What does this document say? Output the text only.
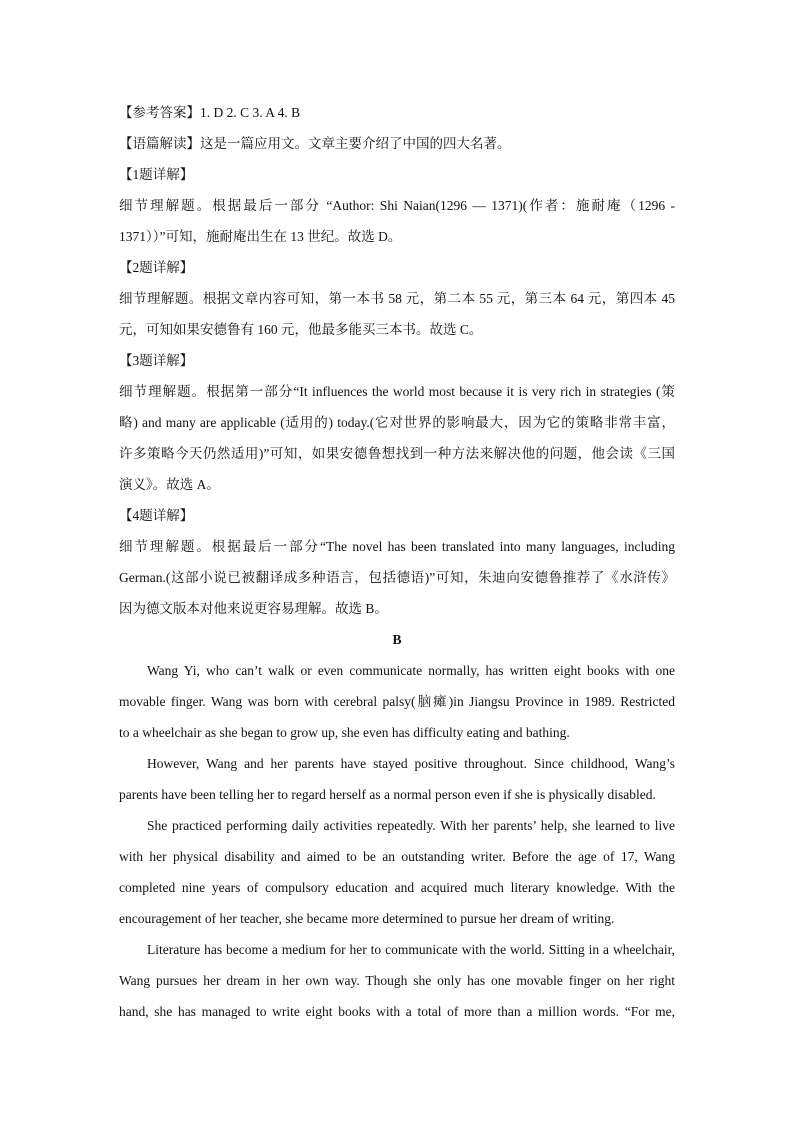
【参考答案】1. D 2. C 3. A 4. B
【语篇解读】这是一篇应用文。文章主要介绍了中国的四大名著。
【1题详解】
细节理解题。根据最后一部分 “Author: Shi Naian(1296 — 1371)(作者：施耐庵（1296 -
1371））”可知，施耐庵出生在 13 世纪。故选 D。
【2题详解】
细节理解题。根据文章内容可知，第一本书 58 元，第二本 55 元，第三本 64 元，第四本 45
元，可知如果安德鲁有 160 元，他最多能买三本书。故选 C。
【3题详解】
细节理解题。根据第一部分“It influences the world most because it is very rich in strategies (策
略) and many are applicable (适用的) today.(它对世界的影响最大，因为它的策略非常丰富，
许多策略今天仍然适用)”可知，如果安德鲁想找到一种方法来解决他的问题，他会读《三国
演义》。故选 A。
【4题详解】
细节理解题。根据最后一部分“The novel has been translated into many languages, including
German.(这部小说已被翻译成多种语言，包括德语)”可知，朱迪向安德鲁推荐了《水浒传》
因为德文版本对他来说更容易理解。故选 B。
B
Wang Yi, who can’t walk or even communicate normally, has written eight books with one
movable finger. Wang was born with cerebral palsy(脑瘫)in Jiangsu Province in 1989. Restricted
to a wheelchair as she began to grow up, she even has difficulty eating and bathing.
However, Wang and her parents have stayed positive throughout. Since childhood, Wang’s
parents have been telling her to regard herself as a normal person even if she is physically disabled.
She practiced performing daily activities repeatedly. With her parents’ help, she learned to live
with her physical disability and aimed to be an outstanding writer. Before the age of 17, Wang
completed nine years of compulsory education and acquired much literary knowledge. With the
encouragement of her teacher, she became more determined to pursue her dream of writing.
Literature has become a medium for her to communicate with the world. Sitting in a wheelchair,
Wang pursues her dream in her own way. Though she only has one movable finger on her right
hand, she has managed to write eight books with a total of more than a million words. “For me,
